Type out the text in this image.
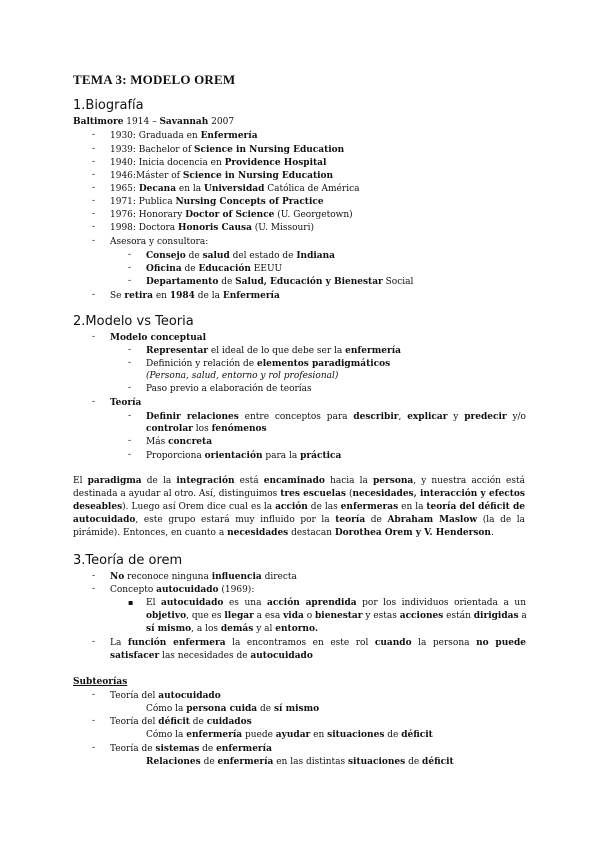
TEMA 3: MODELO OREM
1.Biografía
Baltimore 1914 – Savannah 2007
2.Modelo vs Teoria
3.Teoría de orem
Subteorías
- 1930: Graduada en Enfermería
- 1939: Bachelor of Science in Nursing Education
- 1940: Inicia docencia en Providence Hospital
- 1946:Máster of Science in Nursing Education
- 1965: Decana en la Universidad Católica de América
- 1971: Publica Nursing Concepts of Practice
- 1976: Honorary Doctor of Science (U. Georgetown)
- 1998: Doctora Honoris Causa (U. Missouri)
- Asesora y consultora:
- Consejo de salud del estado de Indiana
- Oficina de Educación EEUU
- Departamento de Salud, Educación y Bienestar Social
- Se retira en 1984 de la Enfermería
- Modelo conceptual
- Representar el ideal de lo que debe ser la enfermería
- Definición y relación de elementos paradigmáticos
(Persona, salud, entorno y rol profesional)
- Paso previo a elaboración de teorías
- Teoría
- Definir relaciones entre conceptos para describir, explicar y predecir y/o
controlar los fenómenos
- Más concreta
- Proporciona orientación para la práctica
El paradigma de la integración está encaminado hacia la persona, y nuestra acción está
destinada a ayudar al otro. Así, distinguimos tres escuelas (necesidades, interacción y efectos
deseables). Luego así Orem dice cual es la acción de las enfermeras en la teoría del déficit de
autocuidado, este grupo estará muy influido por la teoría de Abraham Maslow (la de la
pirámide). Entonces, en cuanto a necesidades destacan Dorothea Orem y V. Henderson.
- No reconoce ninguna influencia directa
- Concepto autocuidado (1969):
▪ El autocuidado es una acción aprendida por los individuos orientada a un
objetivo, que es llegar a esa vida o bienestar y estas acciones están dirigidas a
sí mismo, a los demás y al entorno.
- La función enfermera la encontramos en este rol cuando la persona no puede
satisfacer las necesidades de autocuidado
- Teoría del autocuidado
Cómo la persona cuida de sí mismo
- Teoría del déficit de cuidados
Cómo la enfermería puede ayudar en situaciones de déficit
- Teoría de sistemas de enfermería
Relaciones de enfermería en las distintas situaciones de déficit
